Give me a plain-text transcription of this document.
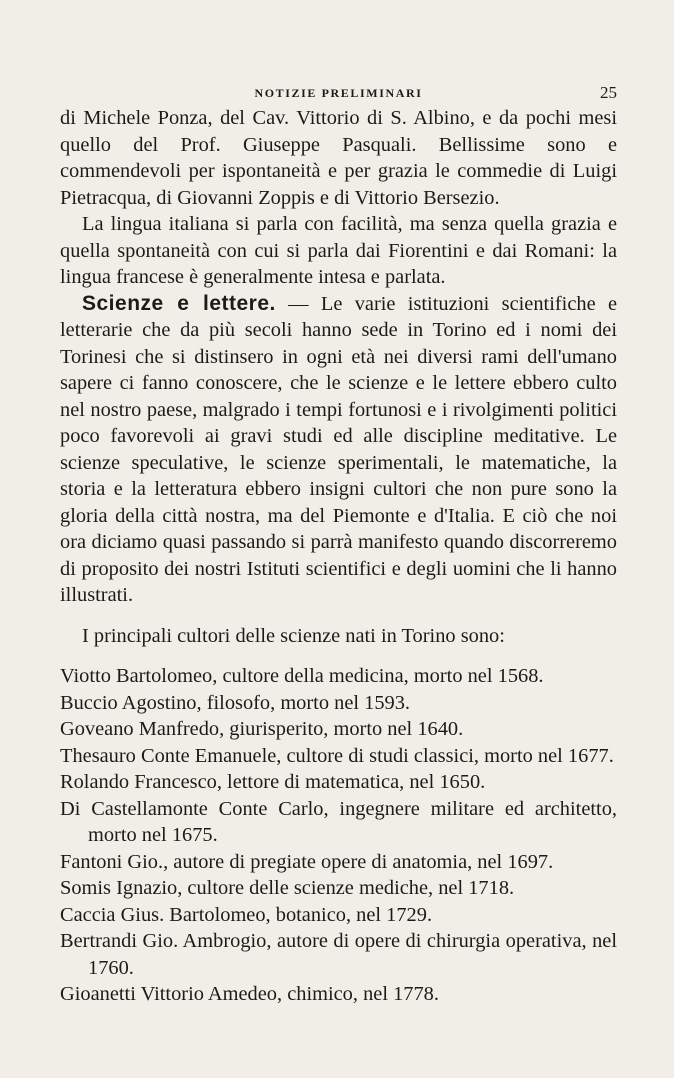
NOTIZIE PRELIMINARI	25

di Michele Ponza, del Cav. Vittorio di S. Albino, e da pochi mesi quello del Prof. Giuseppe Pasquali. Bellissime sono e commendevoli per ispontaneità e per grazia le commedie di Luigi Pietracqua, di Giovanni Zoppis e di Vittorio Bersezio.

La lingua italiana si parla con facilità, ma senza quella grazia e quella spontaneità con cui si parla dai Fiorentini e dai Romani: la lingua francese è generalmente intesa e parlata.

Scienze e lettere. — Le varie istituzioni scientifiche e letterarie che da più secoli hanno sede in Torino ed i nomi dei Torinesi che si distinsero in ogni età nei diversi rami dell'umano sapere ci fanno conoscere, che le scienze e le lettere ebbero culto nel nostro paese, malgrado i tempi fortunosi e i rivolgimenti politici poco favorevoli ai gravi studi ed alle discipline meditative. Le scienze speculative, le scienze sperimentali, le matematiche, la storia e la letteratura ebbero insigni cultori che non pure sono la gloria della città nostra, ma del Piemonte e d'Italia. E ciò che noi ora diciamo quasi passando si parrà manifesto quando discorreremo di proposito dei nostri Istituti scientifici e degli uomini che li hanno illustrati.

I principali cultori delle scienze nati in Torino sono:

Viotto Bartolomeo, cultore della medicina, morto nel 1568.

Buccio Agostino, filosofo, morto nel 1593.

Goveano Manfredo, giurisperito, morto nel 1640.

Thesauro Conte Emanuele, cultore di studi classici, morto nel 1677.

Rolando Francesco, lettore di matematica, nel 1650.

Di Castellamonte Conte Carlo, ingegnere militare ed architetto, morto nel 1675.

Fantoni Gio., autore di pregiate opere di anatomia, nel 1697.

Somis Ignazio, cultore delle scienze mediche, nel 1718.

Caccia Gius. Bartolomeo, botanico, nel 1729.

Bertrandi Gio. Ambrogio, autore di opere di chirurgia operativa, nel 1760.

Gioanetti Vittorio Amedeo, chimico, nel 1778.
